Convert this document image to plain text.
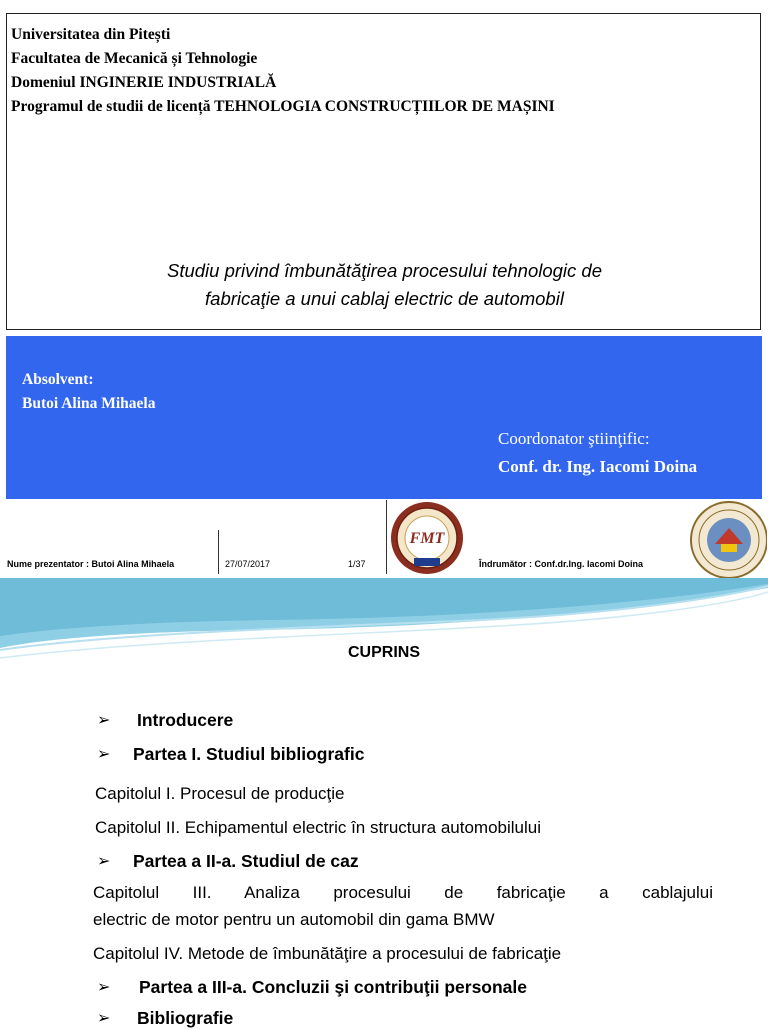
Universitatea din Pitești
Facultatea de Mecanică și Tehnologie
Domeniul INGINERIE INDUSTRIALĂ
Programul de studii de licență TEHNOLOGIA CONSTRUCȚIILOR DE MAȘINI
Studiu privind îmbunătăţirea procesului tehnologic de
fabricaţie a unui cablaj electric de automobil
Absolvent:
Butoi Alina Mihaela
Coordonator ştiinţific:
Conf. dr. Ing. Iacomi Doina
Nume prezentator : Butoi Alina Mihaela	27/07/2017	1/37
FMT
Îndrumător : Conf.dr.Ing. Iacomi Doina
CUPRINS
➢ Introducere
➢ Partea I. Studiul bibliografic
Capitolul I. Procesul de producţie
Capitolul II. Echipamentul electric în structura automobilului
➢ Partea a II-a. Studiul de caz
Capitolul III. Analiza procesului de fabricaţie a cablajului
electric de motor pentru un automobil din gama BMW
Capitolul IV. Metode de îmbunătăţire a procesului de fabricaţie
➢ Partea a III-a. Concluzii şi contribuţii personale
➢ Bibliografie
